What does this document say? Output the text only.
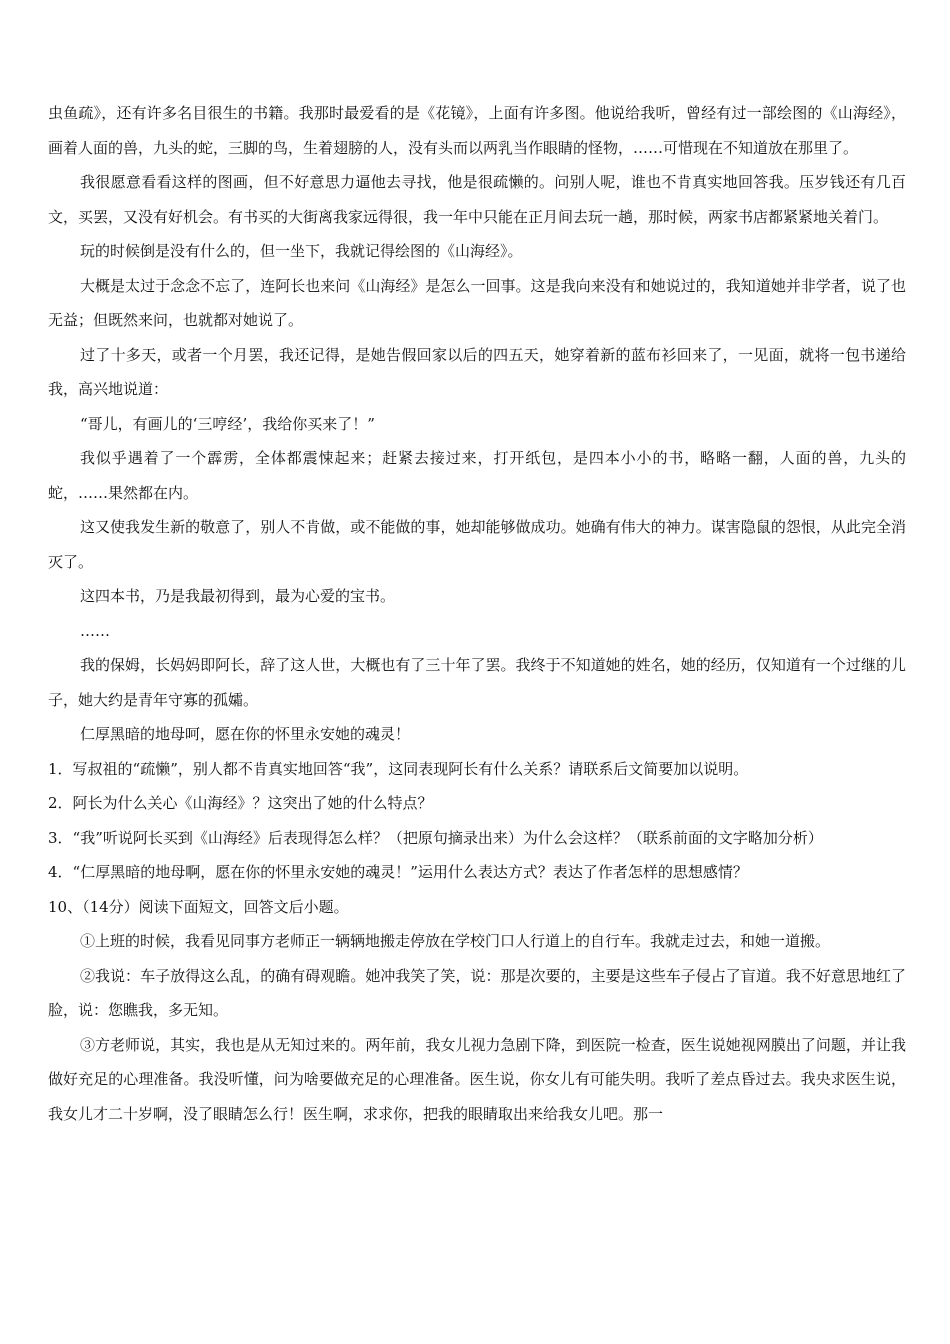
虫鱼疏》，还有许多名目很生的书籍。我那时最爱看的是《花镜》，上面有许多图。他说给我听，曾经有过一部绘图的《山海经》，画着人面的兽，九头的蛇，三脚的鸟，生着翅膀的人，没有头而以两乳当作眼睛的怪物，……可惜现在不知道放在那里了。

我很愿意看看这样的图画，但不好意思力逼他去寻找，他是很疏懒的。问别人呢，谁也不肯真实地回答我。压岁钱还有几百文，买罢，又没有好机会。有书买的大街离我家远得很，我一年中只能在正月间去玩一趟，那时候，两家书店都紧紧地关着门。

玩的时候倒是没有什么的，但一坐下，我就记得绘图的《山海经》。

大概是太过于念念不忘了，连阿长也来问《山海经》是怎么一回事。这是我向来没有和她说过的，我知道她并非学者，说了也无益；但既然来问，也就都对她说了。

过了十多天，或者一个月罢，我还记得，是她告假回家以后的四五天，她穿着新的蓝布衫回来了，一见面，就将一包书递给我，高兴地说道：

“哥儿，有画儿的‘三哼经’，我给你买来了！”

我似乎遇着了一个霹雳，全体都震悚起来；赶紧去接过来，打开纸包，是四本小小的书，略略一翻，人面的兽，九头的蛇，……果然都在内。

这又使我发生新的敬意了，别人不肯做，或不能做的事，她却能够做成功。她确有伟大的神力。谋害隐鼠的怨恨，从此完全消灭了。

这四本书，乃是我最初得到，最为心爱的宝书。

……

我的保姆，长妈妈即阿长，辞了这人世，大概也有了三十年了罢。我终于不知道她的姓名，她的经历，仅知道有一个过继的儿子，她大约是青年守寡的孤孀。

仁厚黑暗的地母呵，愿在你的怀里永安她的魂灵！

1．写叔祖的“疏懒”，别人都不肯真实地回答“我”，这同表现阿长有什么关系？请联系后文简要加以说明。

2．阿长为什么关心《山海经》？这突出了她的什么特点？

3．“我”听说阿长买到《山海经》后表现得怎么样？（把原句摘录出来）为什么会这样？（联系前面的文字略加分析）

4．“仁厚黑暗的地母啊，愿在你的怀里永安她的魂灵！”运用什么表达方式？表达了作者怎样的思想感情？

10、（14分）阅读下面短文，回答文后小题。

①上班的时候，我看见同事方老师正一辆辆地搬走停放在学校门口人行道上的自行车。我就走过去，和她一道搬。

②我说：车子放得这么乱，的确有碍观瞻。她冲我笑了笑，说：那是次要的，主要是这些车子侵占了盲道。我不好意思地红了脸，说：您瞧我，多无知。

③方老师说，其实，我也是从无知过来的。两年前，我女儿视力急剧下降，到医院一检查，医生说她视网膜出了问题，并让我做好充足的心理准备。我没听懂，问为啥要做充足的心理准备。医生说，你女儿有可能失明。我听了差点昏过去。我央求医生说，我女儿才二十岁啊，没了眼睛怎么行！医生啊，求求你，把我的眼睛取出来给我女儿吧。那一
